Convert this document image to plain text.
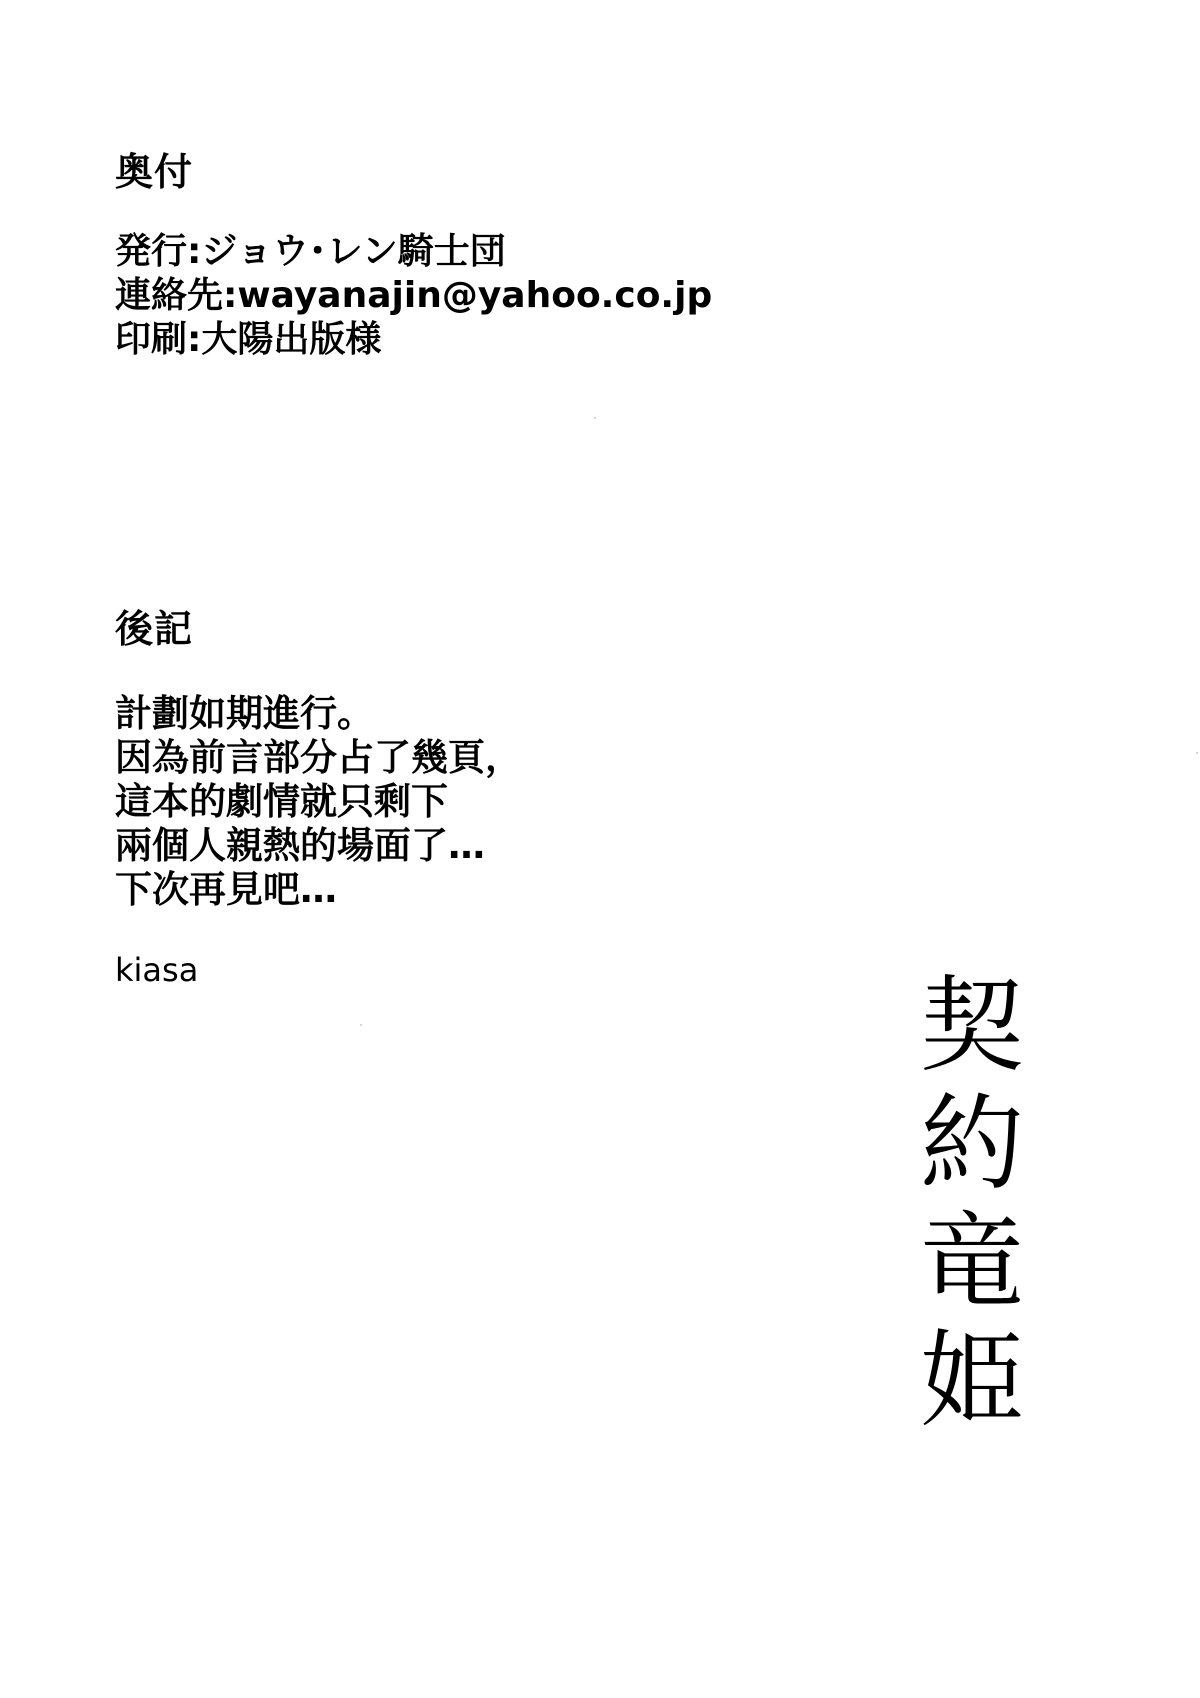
奥付
発行:ジョウ･レン騎士団
連絡先:wayanajin@yahoo.co.jp
印刷:大陽出版様
後記
計劃如期進行。
因為前言部分占了幾頁，
這本的劇情就只剩下
兩個人親熱的場面了…
下次再見吧…

kiasa	契約竜姫
